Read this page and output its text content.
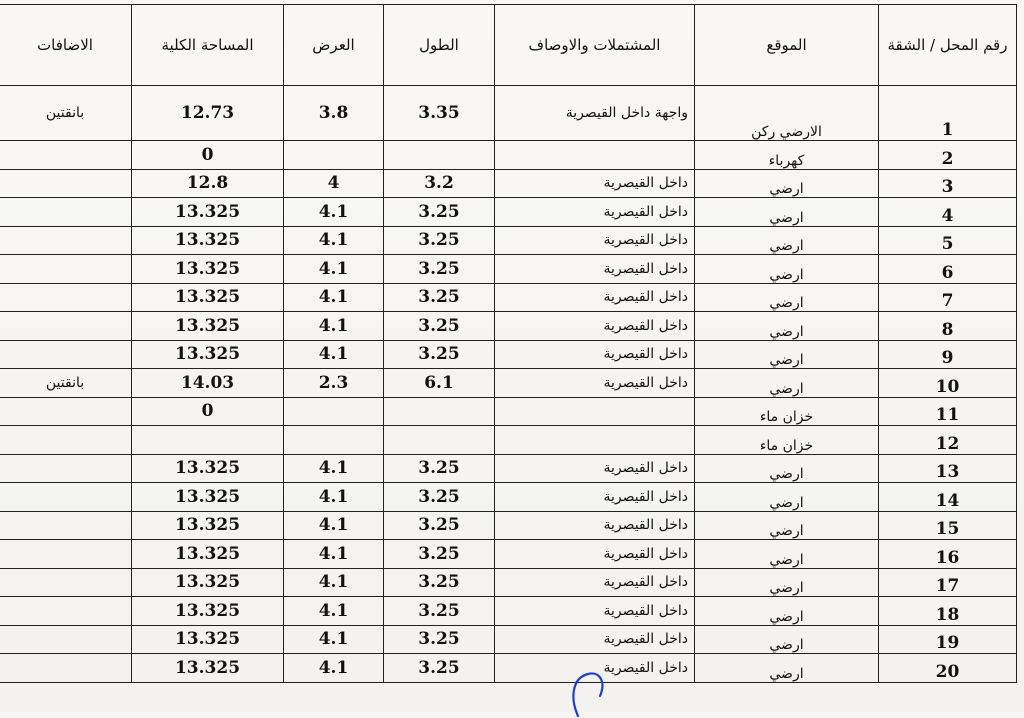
رقم المحل / الشقة	الموقع	المشتملات والاوصاف	الطول	العرض	المساحة الكلية	الاضافات
1	الارضي ركن	واجهة داخل القيصرية	3.35	3.8	12.73	بانقتين
2	كهرباء				0	
3	ارضي	داخل القيصرية	3.2	4	12.8	
4	ارضي	داخل القيصرية	3.25	4.1	13.325	
5	ارضي	داخل القيصرية	3.25	4.1	13.325	
6	ارضي	داخل القيصرية	3.25	4.1	13.325	
7	ارضي	داخل القيصرية	3.25	4.1	13.325	
8	ارضي	داخل القيصرية	3.25	4.1	13.325	
9	ارضي	داخل القيصرية	3.25	4.1	13.325	
10	ارضي	داخل القيصرية	6.1	2.3	14.03	بانقتين
11	خزان ماء				0	
12	خزان ماء					
13	ارضي	داخل القيصرية	3.25	4.1	13.325	
14	ارضي	داخل القيصرية	3.25	4.1	13.325	
15	ارضي	داخل القيصرية	3.25	4.1	13.325	
16	ارضي	داخل القيصرية	3.25	4.1	13.325	
17	ارضي	داخل القيصرية	3.25	4.1	13.325	
18	ارضي	داخل القيصرية	3.25	4.1	13.325	
19	ارضي	داخل القيصرية	3.25	4.1	13.325	
20	ارضي	داخل القيصرية	3.25	4.1	13.325	
